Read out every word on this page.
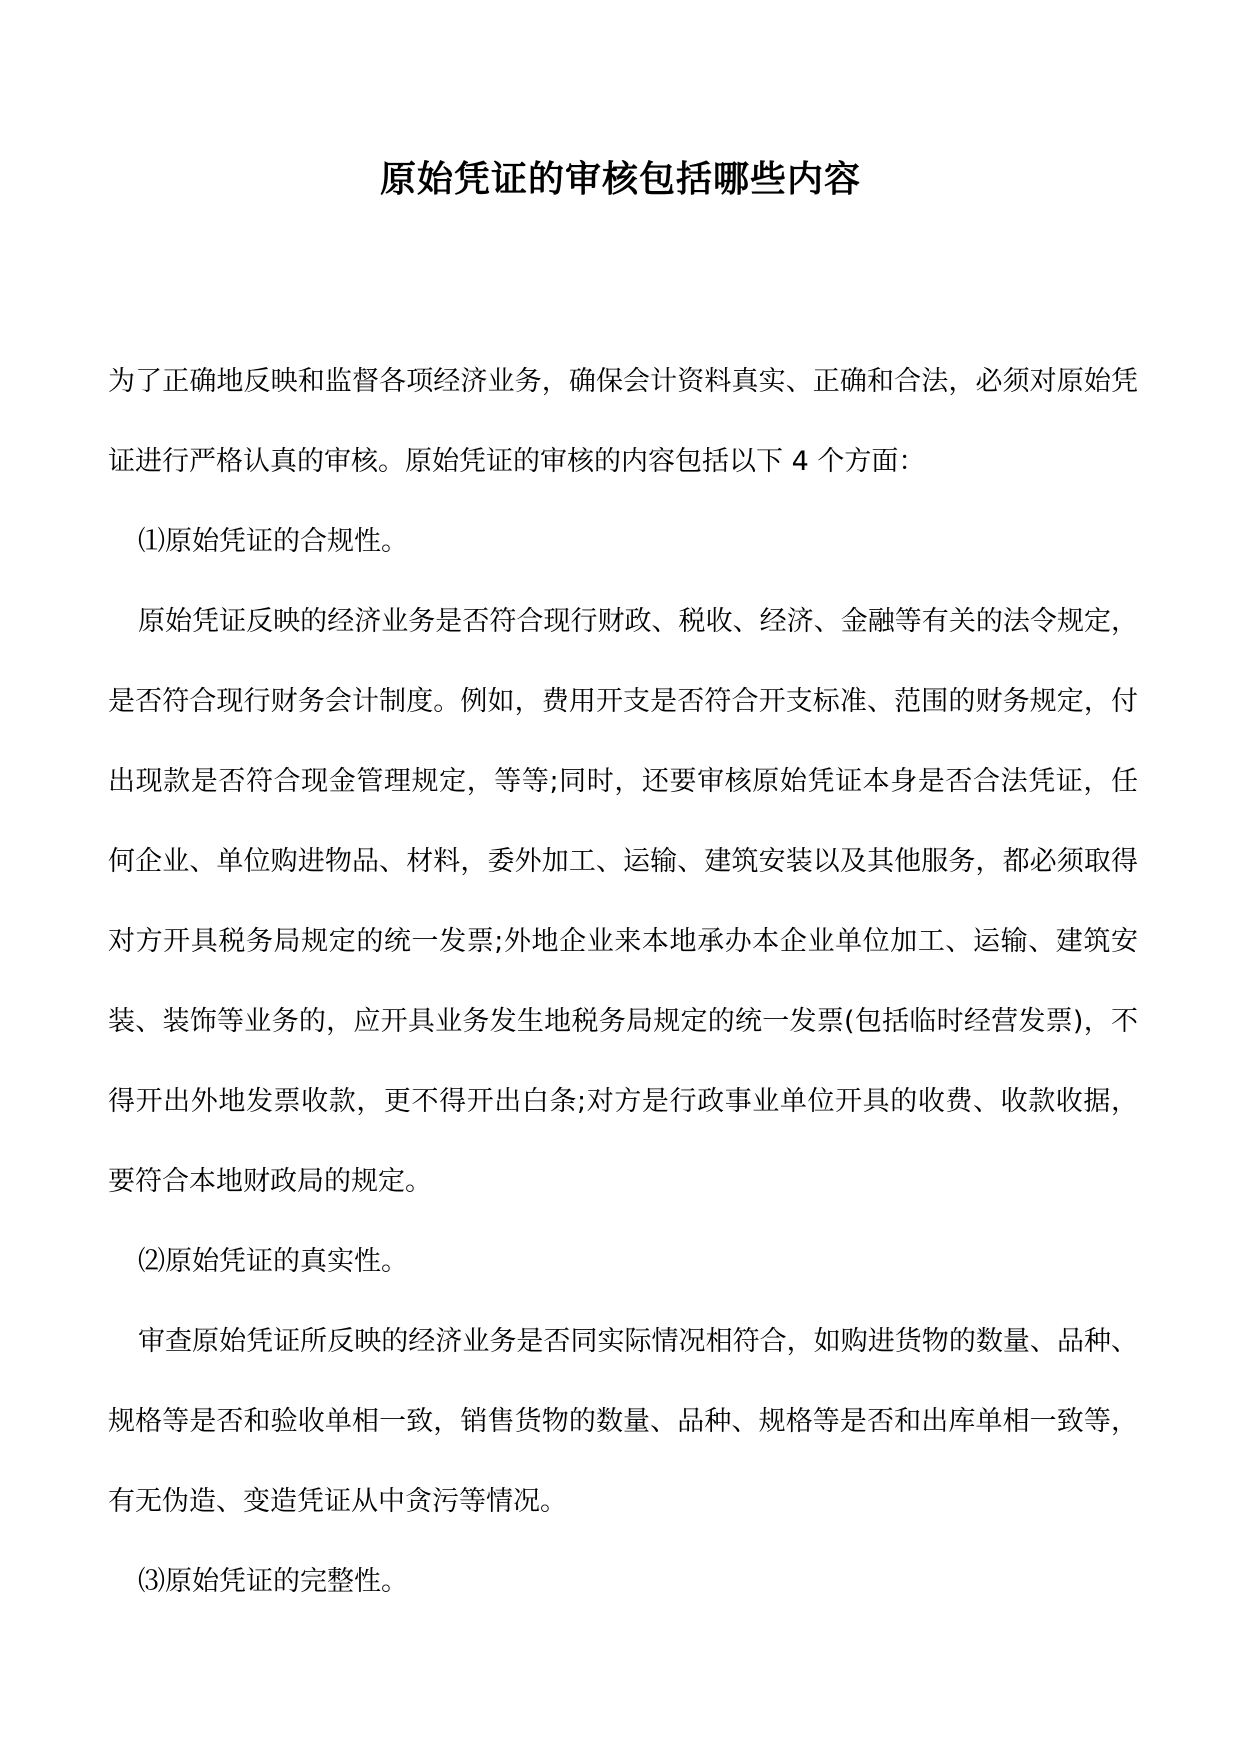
原始凭证的审核包括哪些内容

为了正确地反映和监督各项经济业务，确保会计资料真实、正确和合法，必须对原始凭证进行严格认真的审核。原始凭证的审核的内容包括以下 4 个方面：

⑴原始凭证的合规性。

原始凭证反映的经济业务是否符合现行财政、税收、经济、金融等有关的法令规定，是否符合现行财务会计制度。例如，费用开支是否符合开支标准、范围的财务规定，付出现款是否符合现金管理规定，等等;同时，还要审核原始凭证本身是否合法凭证，任何企业、单位购进物品、材料，委外加工、运输、建筑安装以及其他服务，都必须取得对方开具税务局规定的统一发票;外地企业来本地承办本企业单位加工、运输、建筑安装、装饰等业务的，应开具业务发生地税务局规定的统一发票(包括临时经营发票)，不得开出外地发票收款，更不得开出白条;对方是行政事业单位开具的收费、收款收据，要符合本地财政局的规定。

⑵原始凭证的真实性。

审查原始凭证所反映的经济业务是否同实际情况相符合，如购进货物的数量、品种、规格等是否和验收单相一致，销售货物的数量、品种、规格等是否和出库单相一致等，有无伪造、变造凭证从中贪污等情况。

⑶原始凭证的完整性。
